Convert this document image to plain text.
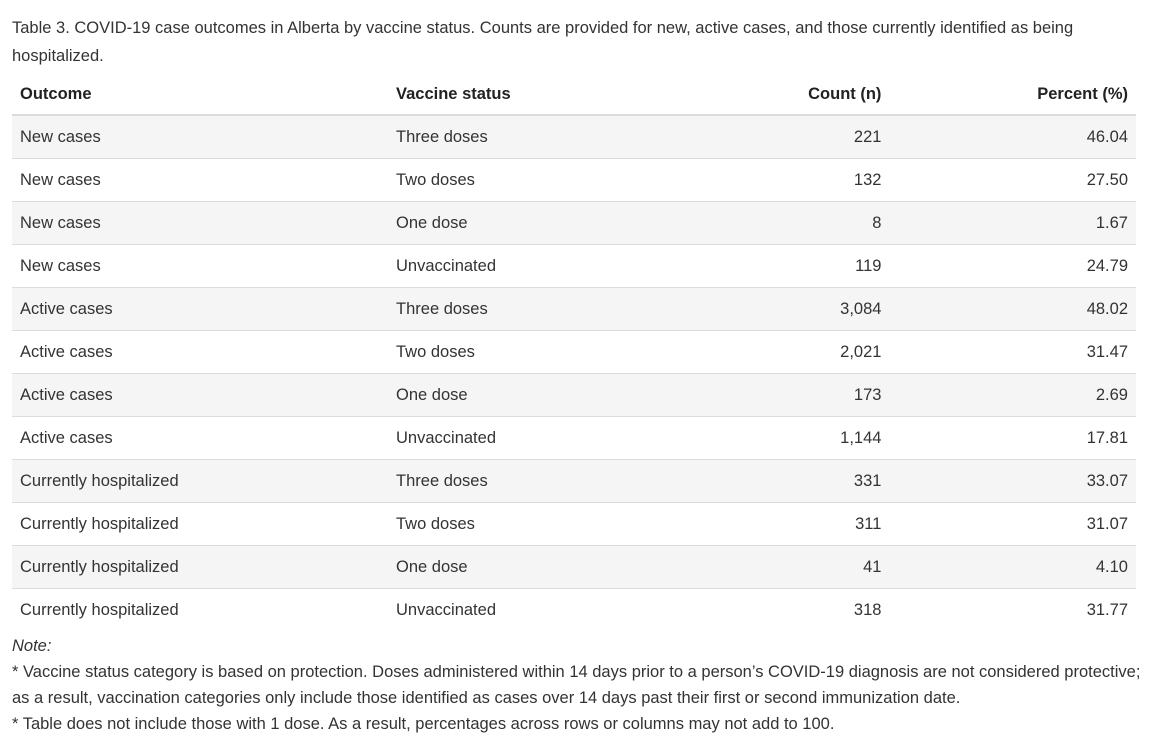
Table 3. COVID-19 case outcomes in Alberta by vaccine status. Counts are provided for new, active cases, and those currently identified as being hospitalized.

Outcome	Vaccine status	Count (n)	Percent (%)
New cases	Three doses	221	46.04
New cases	Two doses	132	27.50
New cases	One dose	8	1.67
New cases	Unvaccinated	119	24.79
Active cases	Three doses	3,084	48.02
Active cases	Two doses	2,021	31.47
Active cases	One dose	173	2.69
Active cases	Unvaccinated	1,144	17.81
Currently hospitalized	Three doses	331	33.07
Currently hospitalized	Two doses	311	31.07
Currently hospitalized	One dose	41	4.10
Currently hospitalized	Unvaccinated	318	31.77
Note:
* Vaccine status category is based on protection. Doses administered within 14 days prior to a person’s COVID-19 diagnosis are not considered protective; as a result, vaccination categories only include those identified as cases over 14 days past their first or second immunization date.
* Table does not include those with 1 dose. As a result, percentages across rows or columns may not add to 100.
